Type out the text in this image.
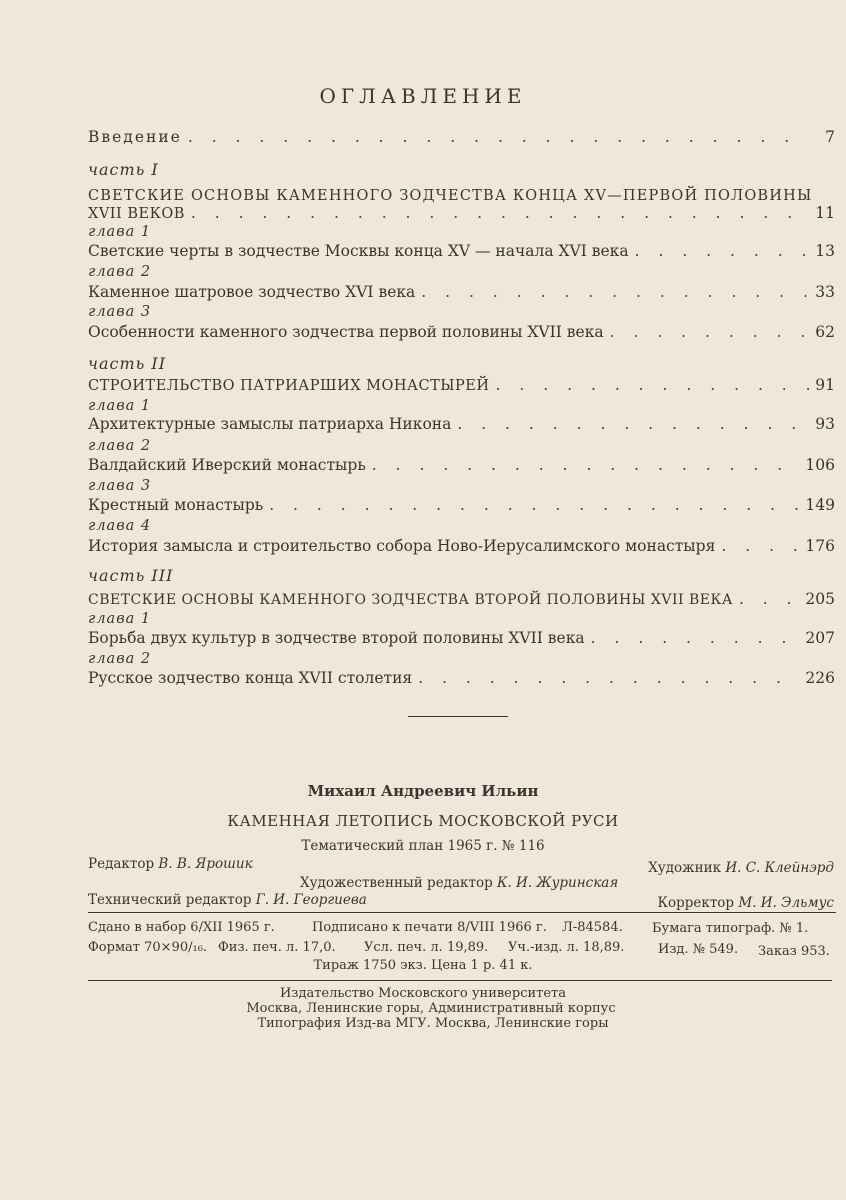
ОГЛАВЛЕНИЕ
Введение . . .	7
часть I
СВЕТСКИЕ ОСНОВЫ КАМЕННОГО ЗОДЧЕСТВА КОНЦА XV—ПЕРВОЙ ПОЛОВИНЫ
XVII ВЕКОВ . . .	11
глава 1
Светские черты в зодчестве Москвы конца XV — начала XVI века . . .	13
глава 2
Каменное шатровое зодчество XVI века . . .	33
глава 3
Особенности каменного зодчества первой половины XVII века . . .	62
часть II
СТРОИТЕЛЬСТВО ПАТРИАРШИХ МОНАСТЫРЕЙ . . .	91
глава 1
Архитектурные замыслы патриарха Никона . . .	93
глава 2
Валдайский Иверский монастырь . . .	106
глава 3
Крестный монастырь . . .	149
глава 4
История замысла и строительство собора Ново-Иерусалимского монастыря . . .	176
часть III
СВЕТСКИЕ ОСНОВЫ КАМЕННОГО ЗОДЧЕСТВА ВТОРОЙ ПОЛОВИНЫ XVII ВЕКА . . .	205
глава 1
Борьба двух культур в зодчестве второй половины XVII века . . .	207
глава 2
Русское зодчество конца XVII столетия . . .	226
Михаил Андреевич Ильин
КАМЕННАЯ ЛЕТОПИСЬ МОСКОВСКОЙ РУСИ
Тематический план 1965 г. № 116
Редактор В. В. Ярошик	Художник И. С. Клейнэрд
Художественный редактор К. И. Журинская
Технический редактор Г. И. Георгиева	Корректор М. И. Эльмус
Сдано в набор 6/XII 1965 г.	Подписано к печати 8/VIII 1966 г. Л-84584. Бумага типограф. № 1.
Формат 70×90/₁₆. Физ. печ. л. 17,0. Усл. печ. л. 19,89. Уч.-изд. л. 18,89.	Изд. № 549. Заказ 953.
Тираж 1750 экз. Цена 1 р. 41 к.
Издательство Московского университета
Москва, Ленинские горы, Административный корпус
Типография Изд-ва МГУ. Москва, Ленинские горы
